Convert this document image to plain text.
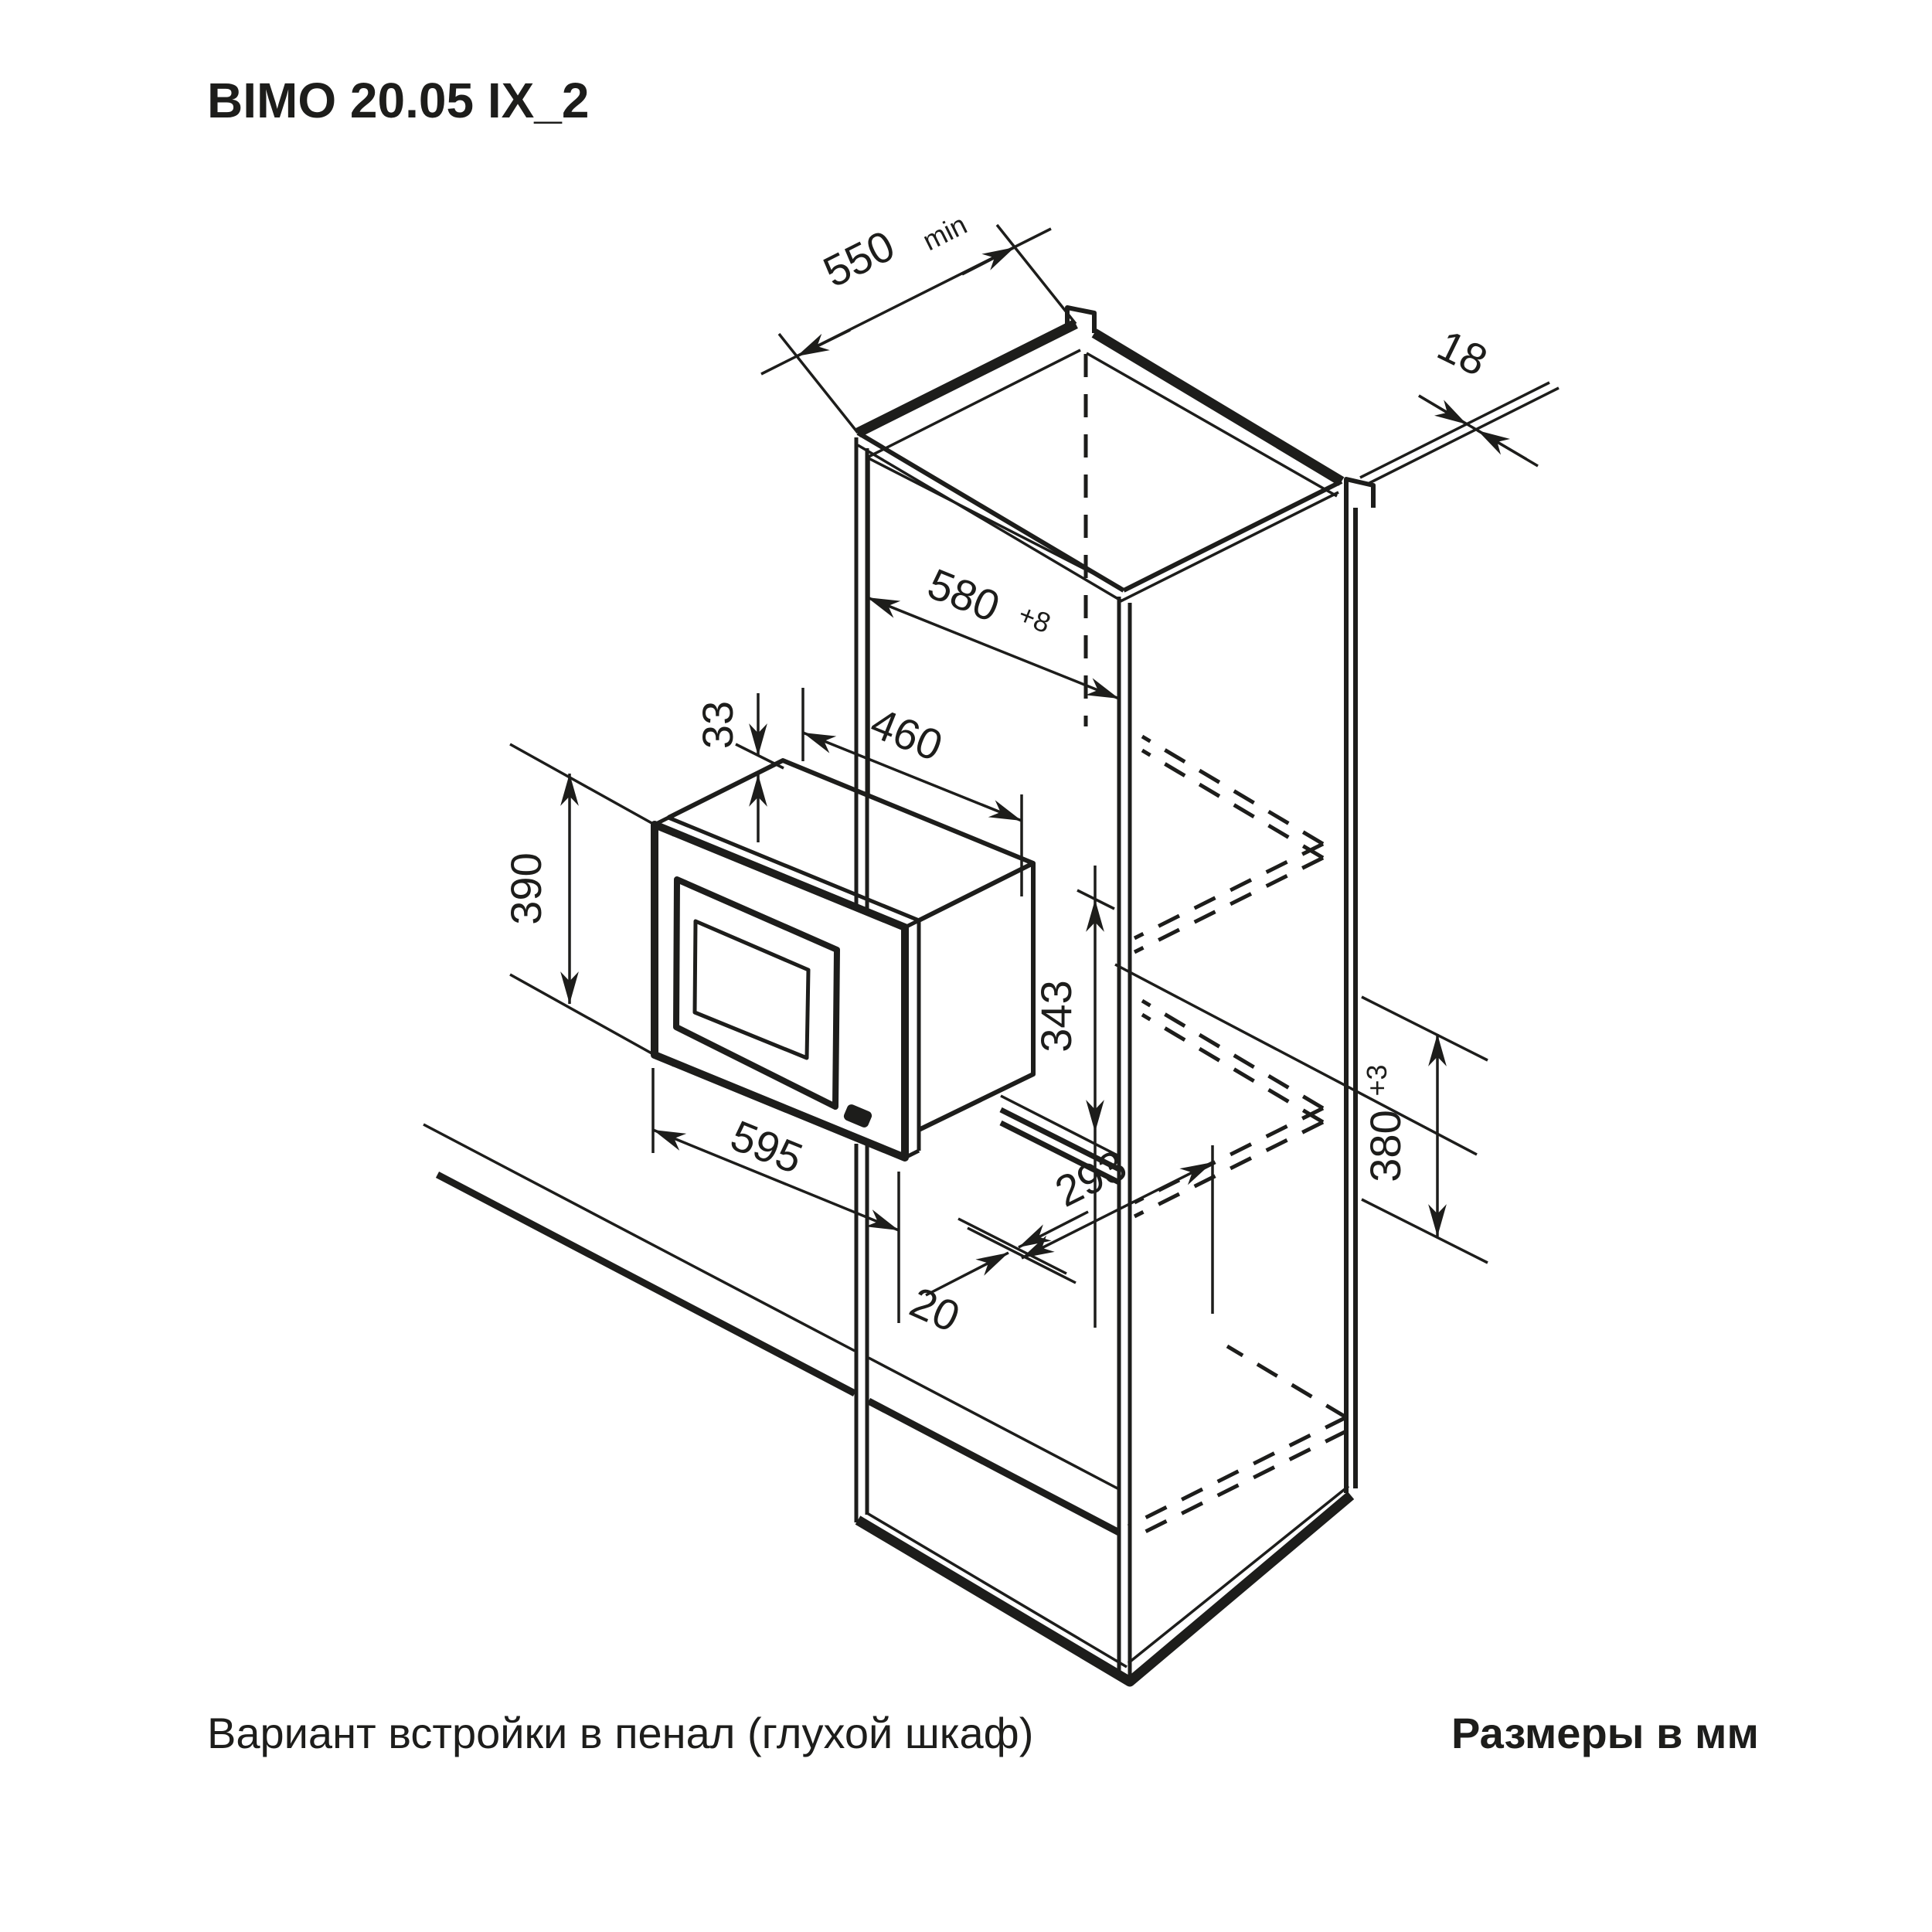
550 min
18
580 +8
460
33
390
343
595
20
293	380
+3
BIMO 20.05 IX_2
Вариант встройки в пенал (глухой шкаф)	Размеры в мм
